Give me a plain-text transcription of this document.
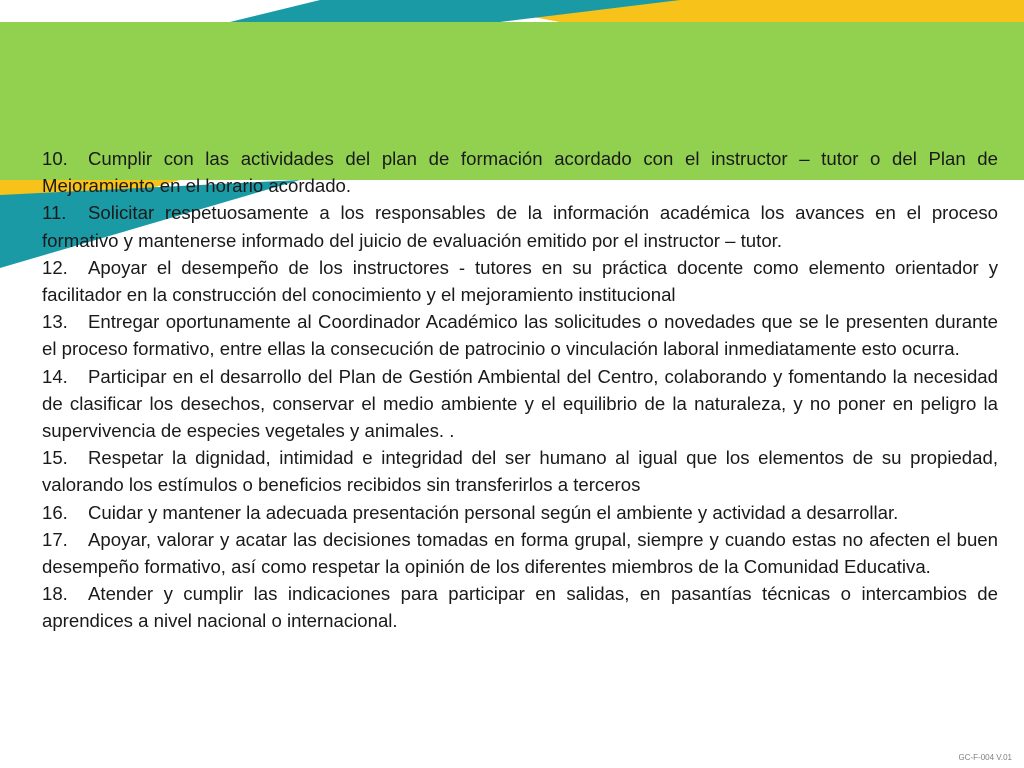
10. Cumplir con las actividades del plan de formación acordado con el instructor – tutor o del Plan de Mejoramiento en el horario acordado.

11. Solicitar respetuosamente a los responsables de la información académica los avances en el proceso formativo y mantenerse informado del juicio de evaluación emitido por el instructor – tutor.

12. Apoyar el desempeño de los instructores - tutores en su práctica docente como elemento orientador y facilitador en la construcción del conocimiento y el mejoramiento institucional

13. Entregar oportunamente al Coordinador Académico las solicitudes o novedades que se le presenten durante el proceso formativo, entre ellas la consecución de patrocinio o vinculación laboral inmediatamente esto ocurra.

14. Participar en el desarrollo del Plan de Gestión Ambiental del Centro, colaborando y fomentando la necesidad de clasificar los desechos, conservar el medio ambiente y el equilibrio de la naturaleza, y no poner en peligro la supervivencia de especies vegetales y animales. .

15. Respetar la dignidad, intimidad e integridad del ser humano al igual que los elementos de su propiedad, valorando los estímulos o beneficios recibidos sin transferirlos a terceros

16. Cuidar y mantener la adecuada presentación personal según el ambiente y actividad a desarrollar.

17. Apoyar, valorar y acatar las decisiones tomadas en forma grupal, siempre y cuando estas no afecten el buen desempeño formativo, así como respetar la opinión de los diferentes miembros de la Comunidad Educativa.

18. Atender y cumplir las indicaciones para participar en salidas, en pasantías técnicas o intercambios de aprendices a nivel nacional o internacional.

GC-F-004 V.01
